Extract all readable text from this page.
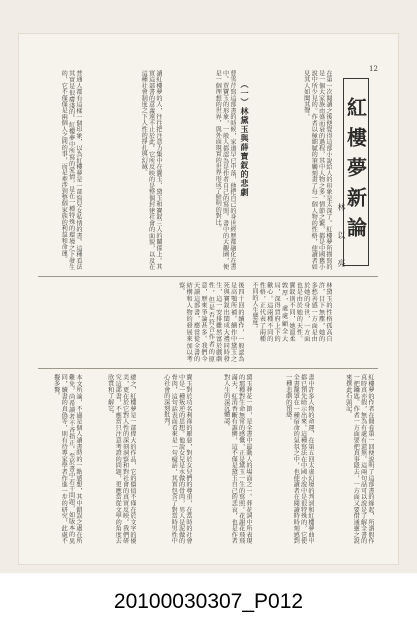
12
紅樓夢新論
林　以　亮
在第一次閱讀之後便覺得這部小說給人的印象是太深了。紅樓夢所描寫的是一個大家族由盛而衰的過程，其中人物之多，情節之繁，都是中國舊小說中所少見的。作者以極細膩的筆觸刻畫了每一個人物的性格，使讀者如見其人如聞其聲。
（一）林黛玉與薛寶釵的悲劇
曹雪芹寫這部書的時候，家道早已中落，他把自己的身世經歷都融化在書中。賈寶玉的形象，一般人都認為是作者自己的寫照。書中的大觀園，便是一個理想的世界，與外面現實的世界形成了鮮明的對比。
讀紅樓夢的人，往往把注意力集中在寶玉、黛玉和寶釵三人的關係上。其實這部書的意義遠不止於此。它所反映的是整個封建社會的面貌，以及在這種社會制度之下人性的掙扎與幻滅。
普通人都有這樣一個印象，以為紅樓夢是一部寫兒女私情的書。這種看法其實是很膚淺的。紅樓夢中所寫的愛情，是在一種特殊的環境之下發生的，它不僅僅是兩個人之間的事，而是牽涉到整個家族的利益和命運。
林黛玉的性格孤高自許，目下無塵，她的多愁善感一方面是由於她的身世，一方面也是由於她的天性。寶釵則不同，她溫柔敦厚，處處顧全大局，深得賈府上下的歡心。這兩種不同的性格，正代表了兩種不同的人生態度。
後四十回的續作，一般認為是高鶚所補。續作中黛玉之死與寶釵出閨成大禮同時發生，這一安排雖然富於戲劇性，但是否符合作者的原意，歷來爭論甚多。我們今天讀這部書，應當從全書的結構和人物的發展來加以考察。
紅樓夢的作者在開卷第一回便說明了這部書的緣起，所謂假作真時真亦假，無為有處有還無。這兩句話可以說是了解全書的一把鑰匙。作者一方面要把真事隱去，一方面又要借通靈之說來撰此石頭記。
書中許多人物的命運，在第五回太虛幻境的判詞和紅樓夢曲中都已預先暗示出來。這種寫法在中國小說中是很特殊的，它使全書籠罩在一種宿命的氣氛之中，也使讀者在閱讀時時刻感到一種悲劇的預感。
黛玉葬花一節，是全書中最動人的場面之一。葬花詞中所表現的那種對生命無常的感慨，正是黛玉一生的寫照。花謝花飛飛滿天，紅消香斷有誰憐，這不僅是黛玉自己的悲哀，也是作者對人生的深沉體認。
寶玉對於功名利祿的厭惡，對於女兒們的尊重，在當時的社會中是一種叛逆的思想。他說女兒是水做的骨肉，男人是泥做的骨肉，這句話表面看來是一句癡話，其實包含了對當時男性中心社會的深刻批判。
總之，紅樓夢是一部偉大的作品，它的價值不僅在於文字的優美，更在於它對人性的深刻洞察和對社會的真實反映。我們研究這部書，不應當只注意考證的問題，更應當從文學的角度去欣賞和了解它。
本文所論，不過是個人讀書時的一點感想，其中錯誤之處在所難免，尚希讀者不吝指正。至於書中若干問題，如版本的異同，續書的真偽等，則有待專家學者作進一步的研究，此處不擬多贅。
20100030307_P012
